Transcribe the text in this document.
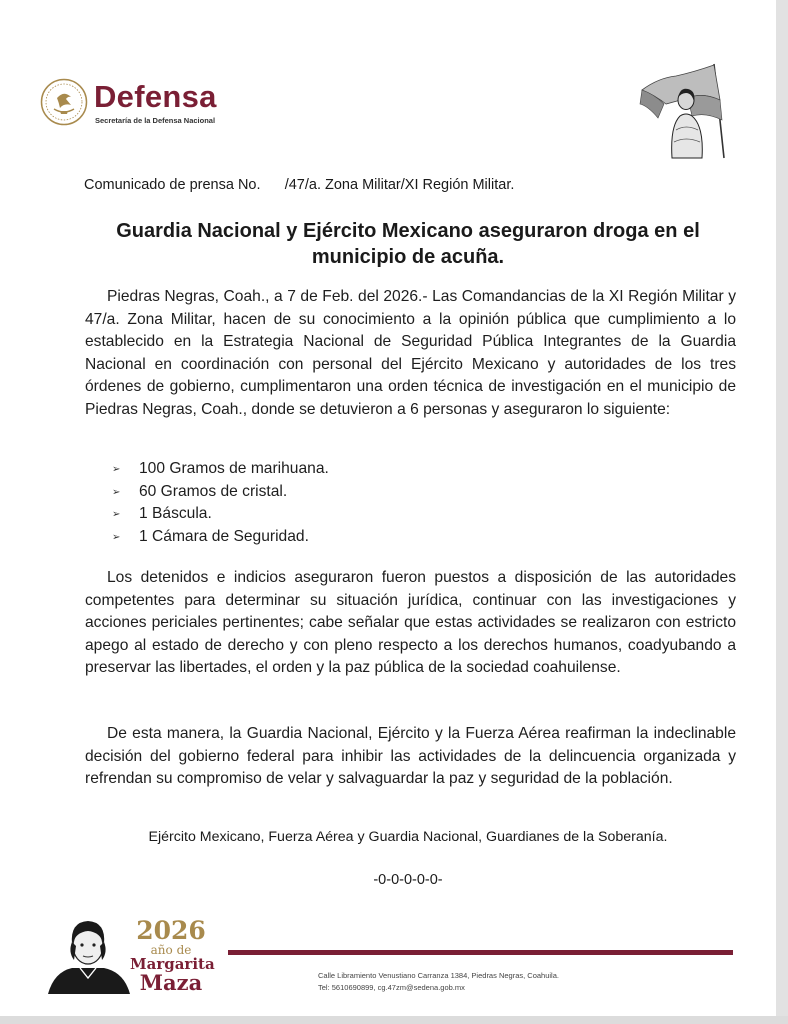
Defensa
Secretaría de la Defensa Nacional
Comunicado de prensa No.      /47/a. Zona Militar/XI Región Militar.
Guardia Nacional y Ejército Mexicano aseguraron droga en el municipio de acuña.
Piedras Negras, Coah., a 7 de Feb. del 2026.- Las Comandancias de la XI Región Militar y 47/a. Zona Militar, hacen de su conocimiento a la opinión pública que cumplimiento a lo establecido en la Estrategia Nacional de Seguridad Pública Integrantes de la Guardia Nacional en coordinación con personal del Ejército Mexicano y autoridades de los tres órdenes de gobierno, cumplimentaron una orden técnica de investigación en el municipio de Piedras Negras, Coah., donde se detuvieron a 6 personas y aseguraron lo siguiente:
➢ 100 Gramos de marihuana.
➢ 60 Gramos de cristal.
➢ 1 Báscula.
➢ 1 Cámara de Seguridad.
Los detenidos e indicios aseguraron fueron puestos a disposición de las autoridades competentes para determinar su situación jurídica, continuar con las investigaciones y acciones periciales pertinentes; cabe señalar que estas actividades se realizaron con estricto apego al estado de derecho y con pleno respecto a los derechos humanos, coadyubando a preservar las libertades, el orden y la paz pública de la sociedad coahuilense.
De esta manera, la Guardia Nacional, Ejército y la Fuerza Aérea reafirman la indeclinable decisión del gobierno federal para inhibir las actividades de la delincuencia organizada y refrendan su compromiso de velar y salvaguardar la paz y seguridad de la población.
Ejército Mexicano, Fuerza Aérea y Guardia Nacional, Guardianes de la Soberanía.
-0-0-0-0-0-
2026
año de
Margarita
Maza	Calle Libramiento Venustiano Carranza 1384, Piedras Negras, Coahuila.
Tel: 5610690899, cg.47zm@sedena.gob.mx
